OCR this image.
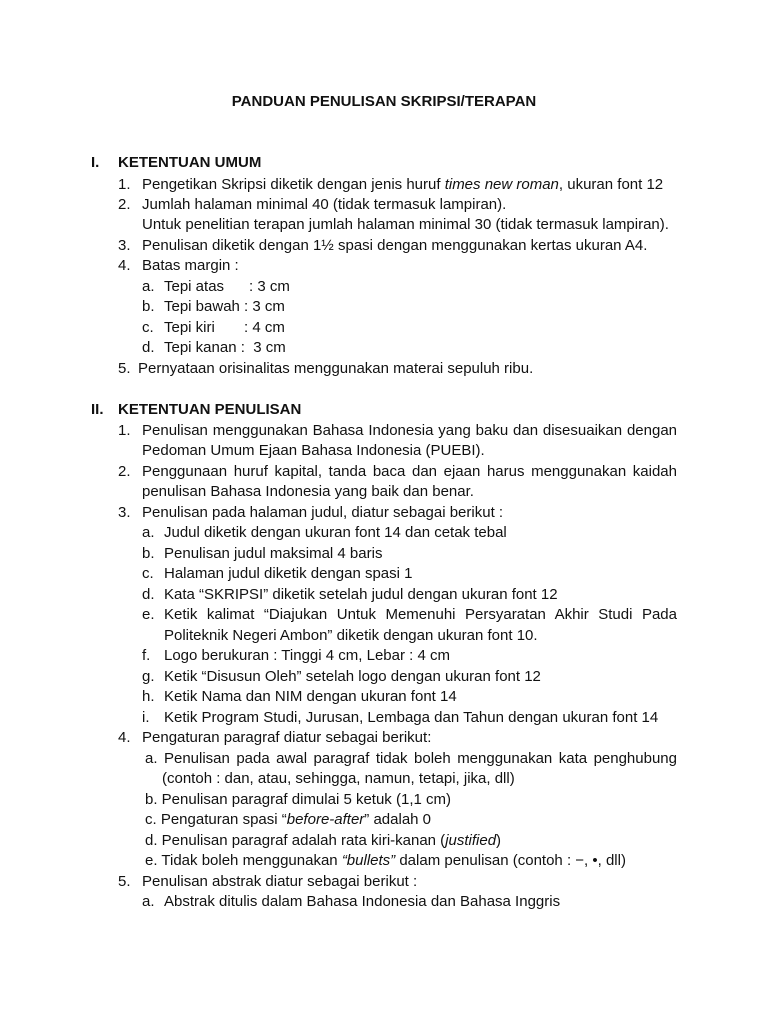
PANDUAN PENULISAN SKRIPSI/TERAPAN
I. KETENTUAN UMUM
1. Pengetikan Skripsi diketik dengan jenis huruf times new roman, ukuran font 12
2. Jumlah halaman minimal 40 (tidak termasuk lampiran).
Untuk penelitian terapan jumlah halaman minimal 30 (tidak termasuk lampiran).
3. Penulisan diketik dengan 1½ spasi dengan menggunakan kertas ukuran A4.
4. Batas margin :
a. Tepi atas      : 3 cm
b. Tepi bawah : 3 cm
c. Tepi kiri       : 4 cm
d. Tepi kanan :  3 cm
5. Pernyataan orisinalitas menggunakan materai sepuluh ribu.
II. KETENTUAN PENULISAN
1. Penulisan menggunakan Bahasa Indonesia yang baku dan disesuaikan dengan
Pedoman Umum Ejaan Bahasa Indonesia (PUEBI).
2. Penggunaan huruf kapital, tanda baca dan ejaan harus menggunakan kaidah
penulisan Bahasa Indonesia yang baik dan benar.
3. Penulisan pada halaman judul, diatur sebagai berikut :
a. Judul diketik dengan ukuran font 14 dan cetak tebal
b. Penulisan judul maksimal 4 baris
c. Halaman judul diketik dengan spasi 1
d. Kata “SKRIPSI” diketik setelah judul dengan ukuran font 12
e. Ketik kalimat “Diajukan Untuk Memenuhi Persyaratan Akhir Studi Pada
Politeknik Negeri Ambon” diketik dengan ukuran font 10.
f. Logo berukuran : Tinggi 4 cm, Lebar : 4 cm
g. Ketik “Disusun Oleh” setelah logo dengan ukuran font 12
h. Ketik Nama dan NIM dengan ukuran font 14
i. Ketik Program Studi, Jurusan, Lembaga dan Tahun dengan ukuran font 14
4. Pengaturan paragraf diatur sebagai berikut:
a. Penulisan pada awal paragraf tidak boleh menggunakan kata penghubung
(contoh : dan, atau, sehingga, namun, tetapi, jika, dll)
b. Penulisan paragraf dimulai 5 ketuk (1,1 cm)
c. Pengaturan spasi “before-after” adalah 0
d. Penulisan paragraf adalah rata kiri-kanan (justified)
e. Tidak boleh menggunakan “bullets” dalam penulisan (contoh : −, •, dll)
5. Penulisan abstrak diatur sebagai berikut :
a. Abstrak ditulis dalam Bahasa Indonesia dan Bahasa Inggris
